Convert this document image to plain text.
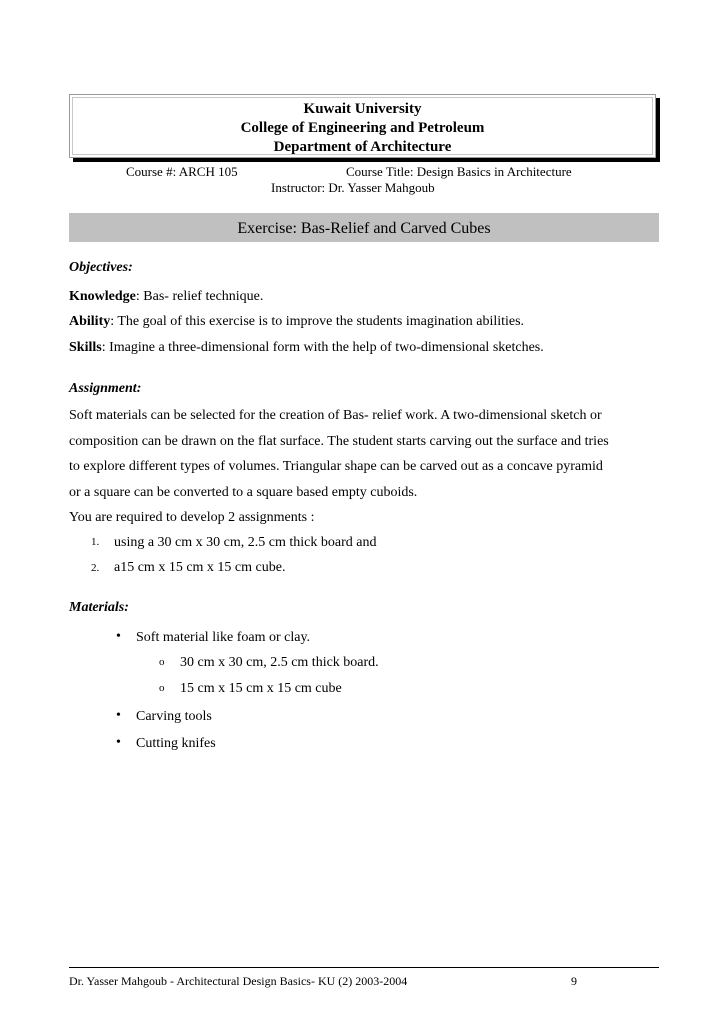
Kuwait University
College of Engineering and Petroleum
Department of Architecture
Course #: ARCH 105	Course Title: Design Basics in Architecture
Instructor: Dr. Yasser Mahgoub
Exercise: Bas-Relief and Carved Cubes
Objectives:
Knowledge: Bas- relief technique.
Ability: The goal of this exercise is to improve the students imagination abilities.
Skills: Imagine a three-dimensional form with the help of two-dimensional sketches.
Assignment:
Soft materials can be selected for the creation of Bas- relief work. A two-dimensional sketch or
composition can be drawn on the flat surface. The student starts carving out the surface and tries
to explore different types of volumes. Triangular shape can be carved out as a concave pyramid
or a square can be converted to a square based empty cuboids.
You are required to develop 2 assignments :
1. using a 30 cm x 30 cm, 2.5 cm thick board and
2. a15 cm x 15 cm x 15 cm cube.
Materials:
• Soft material like foam or clay.
o 30 cm x 30 cm, 2.5 cm thick board.
o 15 cm x 15 cm x 15 cm cube
• Carving tools
• Cutting knifes
Dr. Yasser Mahgoub - Architectural Design Basics- KU (2) 2003-2004	9
